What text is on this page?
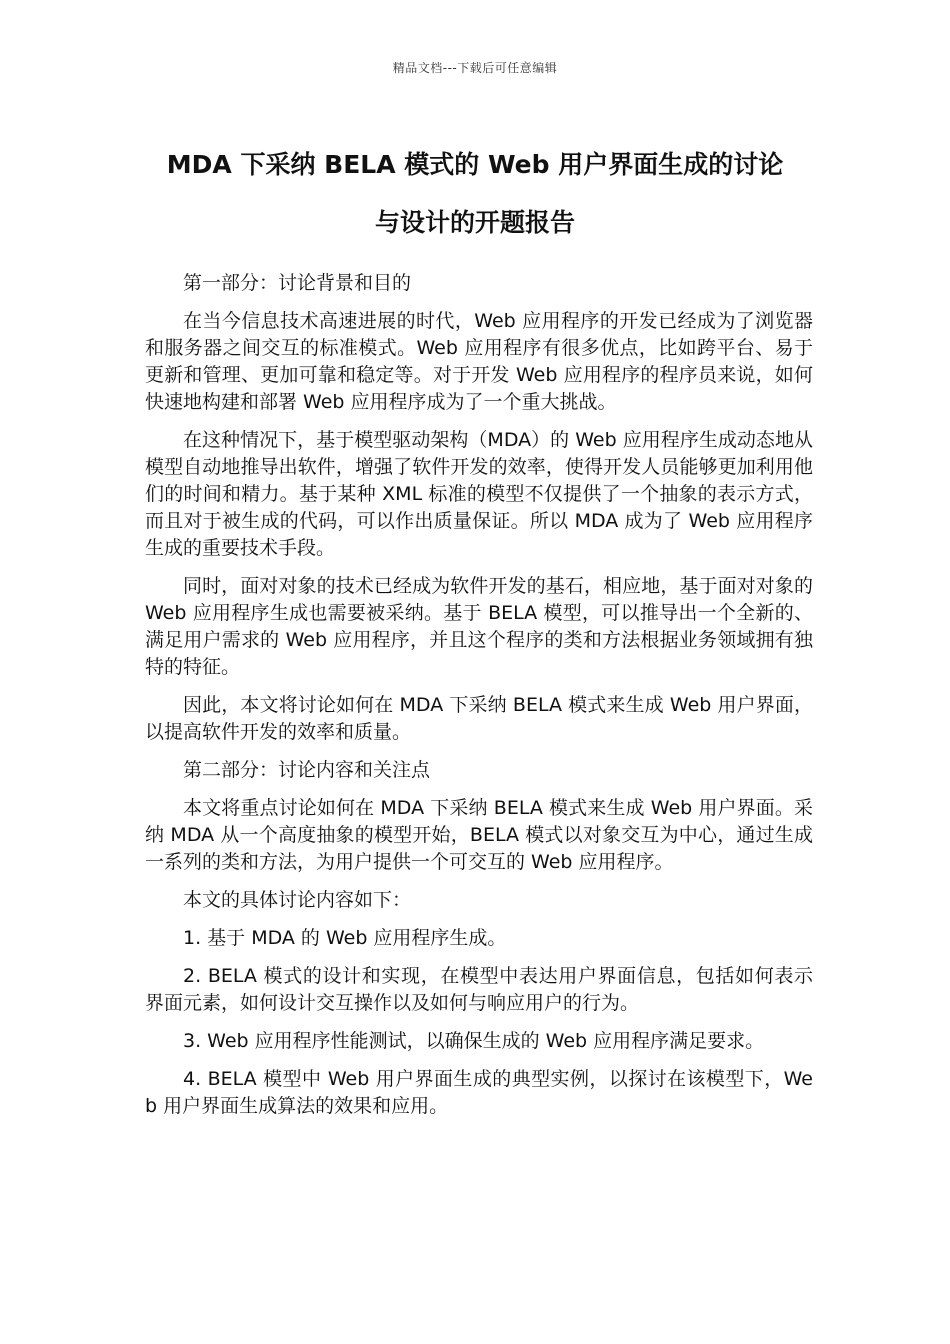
精品文档---下载后可任意编辑
MDA 下采纳 BELA 模式的 Web 用户界面生成的讨论
与设计的开题报告

第一部分：讨论背景和目的

在当今信息技术高速进展的时代，Web 应用程序的开发已经成为了浏览器和服务器之间交互的标准模式。Web 应用程序有很多优点，比如跨平台、易于更新和管理、更加可靠和稳定等。对于开发 Web 应用程序的程序员来说，如何快速地构建和部署 Web 应用程序成为了一个重大挑战。

在这种情况下，基于模型驱动架构（MDA）的 Web 应用程序生成动态地从模型自动地推导出软件，增强了软件开发的效率，使得开发人员能够更加利用他们的时间和精力。基于某种 XML 标准的模型不仅提供了一个抽象的表示方式，而且对于被生成的代码，可以作出质量保证。所以 MDA 成为了 Web 应用程序生成的重要技术手段。

同时，面对对象的技术已经成为软件开发的基石，相应地，基于面对对象的 Web 应用程序生成也需要被采纳。基于 BELA 模型，可以推导出一个全新的、满足用户需求的 Web 应用程序，并且这个程序的类和方法根据业务领域拥有独特的特征。

因此，本文将讨论如何在 MDA 下采纳 BELA 模式来生成 Web 用户界面，以提高软件开发的效率和质量。

第二部分：讨论内容和关注点

本文将重点讨论如何在 MDA 下采纳 BELA 模式来生成 Web 用户界面。采纳 MDA 从一个高度抽象的模型开始，BELA 模式以对象交互为中心，通过生成一系列的类和方法，为用户提供一个可交互的 Web 应用程序。

本文的具体讨论内容如下：

1. 基于 MDA 的 Web 应用程序生成。

2. BELA 模式的设计和实现，在模型中表达用户界面信息，包括如何表示界面元素，如何设计交互操作以及如何与响应用户的行为。

3. Web 应用程序性能测试，以确保生成的 Web 应用程序满足要求。

4. BELA 模型中 Web 用户界面生成的典型实例，以探讨在该模型下，Web 用户界面生成算法的效果和应用。
